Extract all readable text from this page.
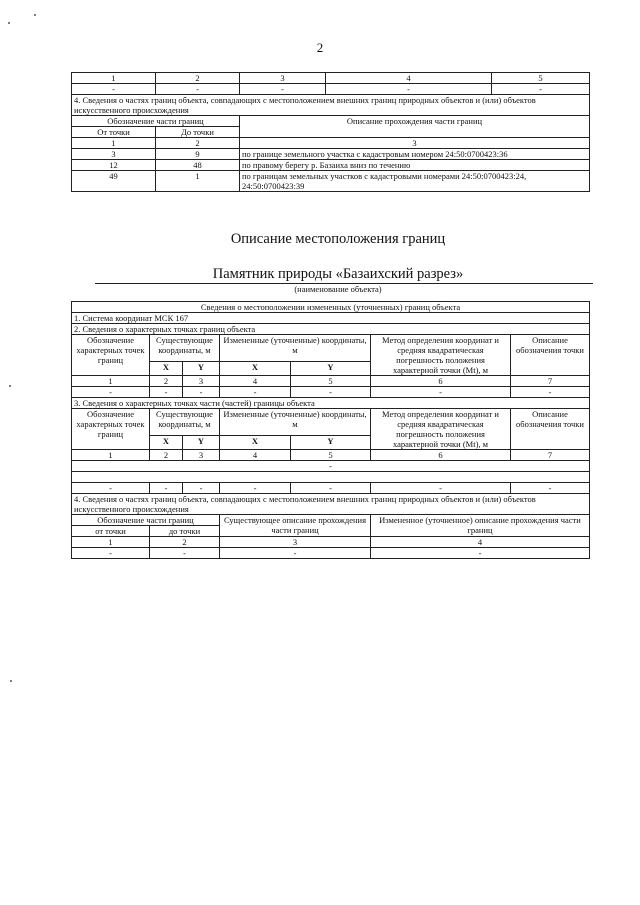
2
1	2	3	4	5
-	-	-	-	-
4. Сведения о частях границ объекта, совпадающих с местоположением внешних границ природных объектов и (или) объектов искусственного происхождения				
Обозначение части границ		Описание прохождения части границ		
От точки	До точки			
1	2	3		
3	9	по границе земельного участка с кадастровым номером 24:50:0700423:36		
12	48	по правому берегу р. Базаиха вниз по течению		
49	1	по границам земельных участков с кадастровыми номерами 24:50:0700423:24, 24:50:0700423:39		
Описание местоположения границ
Памятник природы «Базаихский разрез»
(наименование объекта)
Сведения о местоположении измененных (уточненных) границ объекта						
1. Система координат МСК 167						
2. Сведения о характерных точках границ объекта						
Обозначение характерных точек границ	Существующие координаты, м		Измененные (уточненные) координаты, м		Метод определения координат и средняя квадратическая погрешность положения характерной точки (Mt), м	Описание обозначения точки
	X	Y	X	Y		
1	2	3	4	5	6	7
-	-	-	-	-	-	-
3. Сведения о характерных точках части (частей) границы объекта						
Обозначение характерных точек границ	Существующие координаты, м		Измененные (уточненные) координаты, м		Метод определения координат и средняя квадратическая погрешность положения характерной точки (Mt), м	Описание обозначения точки
	X	Y	X	Y		
1	2	3	4	5	6	7
-						

-	-	-	-	-	-	-
4. Сведения о частях границ объекта, совпадающих с местоположением внешних границ природных объектов и (или) объектов искусственного происхождения						
Обозначение части границ			Существующее описание прохождения части границ		Измененное (уточненное) описание прохождения части границ	
от точки	до точки					
1	2		3		4	
-	-		-		-	
